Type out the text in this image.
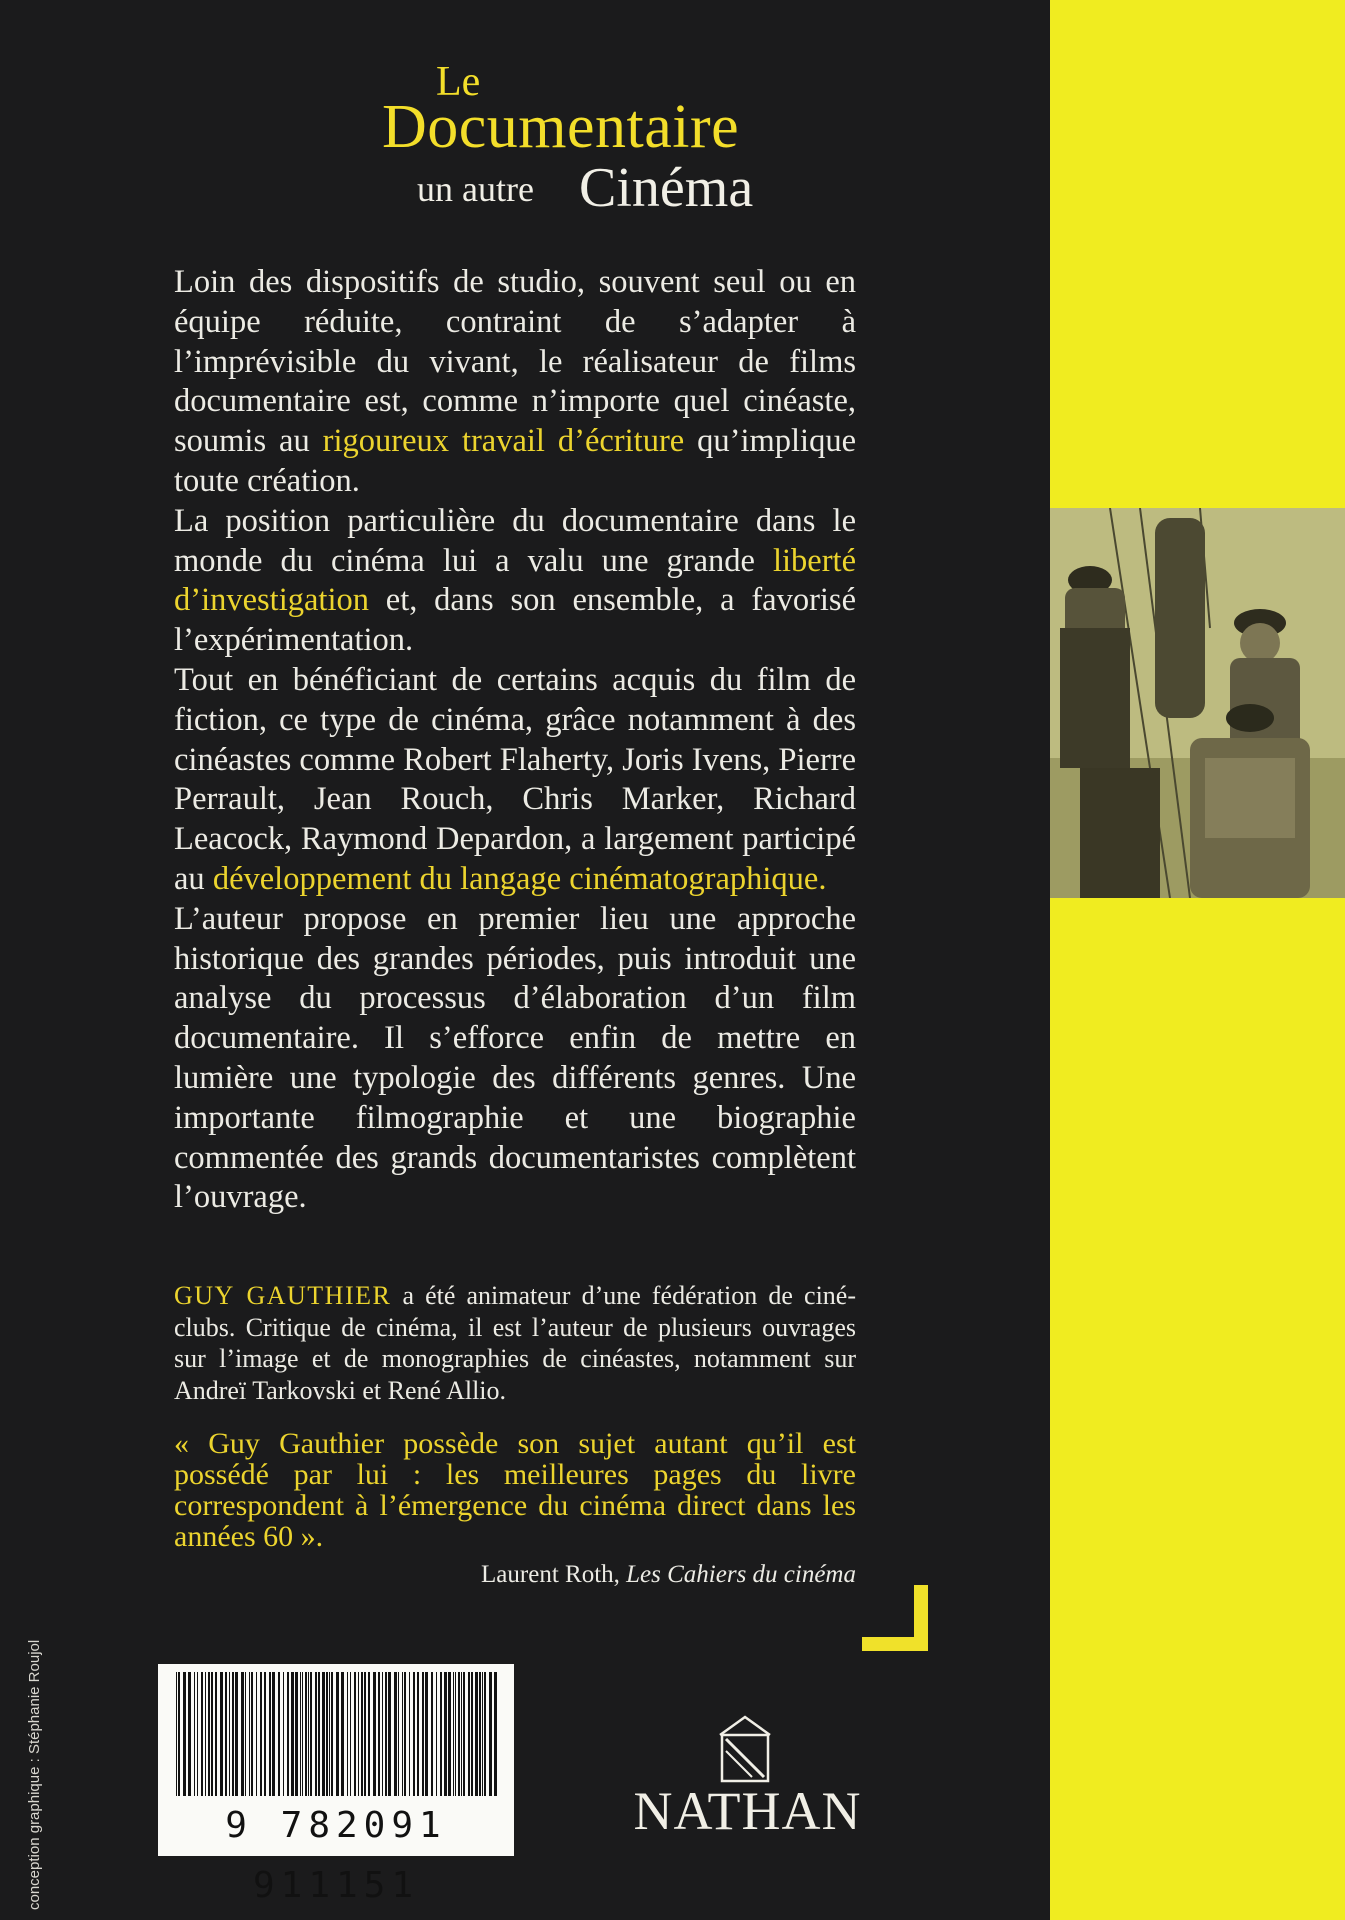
Le
Documentaire
un autre Cinéma

Loin des dispositifs de studio, souvent seul ou en équipe réduite, contraint de s’adapter à l’imprévisible du vivant, le réalisateur de films documentaire est, comme n’importe quel cinéaste, soumis au rigoureux travail d’écriture qu’implique toute création.

La position particulière du documentaire dans le monde du cinéma lui a valu une grande liberté d’investigation et, dans son ensemble, a favorisé l’expérimentation.

Tout en bénéficiant de certains acquis du film de fiction, ce type de cinéma, grâce notamment à des cinéastes comme Robert Flaherty, Joris Ivens, Pierre Perrault, Jean Rouch, Chris Marker, Richard Leacock, Raymond Depardon, a largement participé au développement du langage cinématographique.

L’auteur propose en premier lieu une approche historique des grandes périodes, puis introduit une analyse du processus d’élaboration d’un film documentaire. Il s’efforce enfin de mettre en lumière une typologie des différents genres. Une importante filmographie et une biographie commentée des grands documentaristes complètent l’ouvrage.

GUY GAUTHIER a été animateur d’une fédération de ciné-clubs. Critique de cinéma, il est l’auteur de plusieurs ouvrages sur l’image et de monographies de cinéastes, notamment sur Andreï Tarkovski et René Allio.
« Guy Gauthier possède son sujet autant qu’il est possédé par lui : les meilleures pages du livre correspondent à l’émergence du cinéma direct dans les années 60 ».
Laurent Roth, Les Cahiers du cinéma
conception graphique : Stéphanie Roujol	9 782091 911151
NATHAN
